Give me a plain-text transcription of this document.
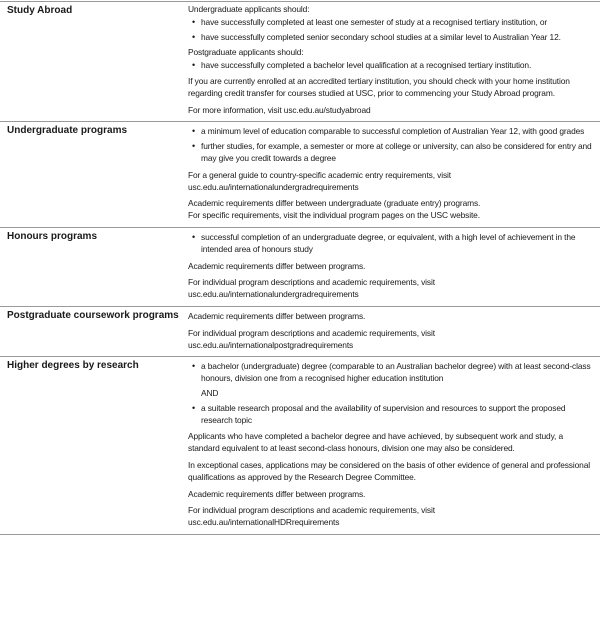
Study Abroad	Undergraduate applicants should:

• have successfully completed at least one semester of study at a recognised tertiary institution, or
• have successfully completed senior secondary school studies at a similar level to Australian Year 12.

Postgraduate applicants should:

• have successfully completed a bachelor level qualification at a recognised tertiary institution.

If you are currently enrolled at an accredited tertiary institution, you should check with your home institution regarding credit transfer for courses studied at USC, prior to commencing your Study Abroad program.

For more information, visit usc.edu.au/studyabroad

Undergraduate programs	• a minimum level of education comparable to successful completion of Australian Year 12, with good grades
• further studies, for example, a semester or more at college or university, can also be considered for entry and may give you credit towards a degree

For a general guide to country-specific academic entry requirements, visit
usc.edu.au/internationalundergradrequirements

Academic requirements differ between undergraduate (graduate entry) programs.
For specific requirements, visit the individual program pages on the USC website.

Honours programs	• successful completion of an undergraduate degree, or equivalent, with a high level of achievement in the intended area of honours study

Academic requirements differ between programs.

For individual program descriptions and academic requirements, visit
usc.edu.au/internationalundergradrequirements

Postgraduate coursework programs	Academic requirements differ between programs.

For individual program descriptions and academic requirements, visit
usc.edu.au/internationalpostgradrequirements

Higher degrees by research	• a bachelor (undergraduate) degree (comparable to an Australian bachelor degree) with at least second-class honours, division one from a recognised higher education institution
AND
• a suitable research proposal and the availability of supervision and resources to support the proposed research topic

Applicants who have completed a bachelor degree and have achieved, by subsequent work and study, a standard equivalent to at least second-class honours, division one may also be considered.

In exceptional cases, applications may be considered on the basis of other evidence of general and professional qualifications as approved by the Research Degree Committee.

Academic requirements differ between programs.

For individual program descriptions and academic requirements, visit
usc.edu.au/internationalHDRrequirements
